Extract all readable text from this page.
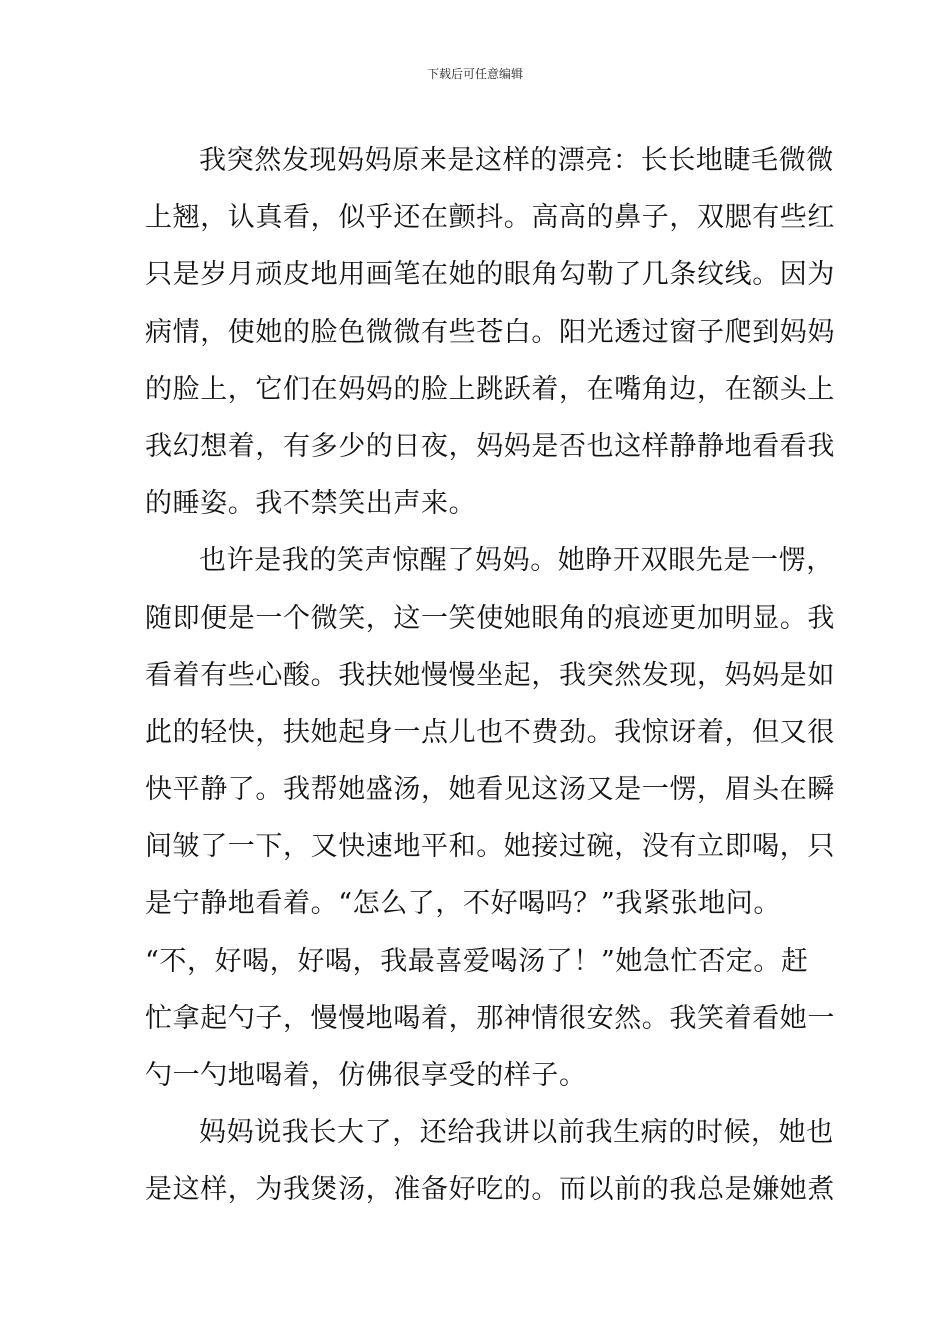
下载后可任意编辑
我突然发现妈妈原来是这样的漂亮：长长地睫毛微微
上翘，认真看，似乎还在颤抖。高高的鼻子，双腮有些红
只是岁月顽皮地用画笔在她的眼角勾勒了几条纹线。因为
病情，使她的脸色微微有些苍白。阳光透过窗子爬到妈妈
的脸上，它们在妈妈的脸上跳跃着，在嘴角边，在额头上
我幻想着，有多少的日夜，妈妈是否也这样静静地看看我
的睡姿。我不禁笑出声来。
也许是我的笑声惊醒了妈妈。她睁开双眼先是一愣，
随即便是一个微笑，这一笑使她眼角的痕迹更加明显。我
看着有些心酸。我扶她慢慢坐起，我突然发现，妈妈是如
此的轻快，扶她起身一点儿也不费劲。我惊讶着，但又很
快平静了。我帮她盛汤，她看见这汤又是一愣，眉头在瞬
间皱了一下，又快速地平和。她接过碗，没有立即喝，只
是宁静地看着。“怎么了，不好喝吗？”我紧张地问。
“不，好喝，好喝，我最喜爱喝汤了！”她急忙否定。赶
忙拿起勺子，慢慢地喝着，那神情很安然。我笑着看她一
勺一勺地喝着，仿佛很享受的样子。
妈妈说我长大了，还给我讲以前我生病的时候，她也
是这样，为我煲汤，准备好吃的。而以前的我总是嫌她煮
